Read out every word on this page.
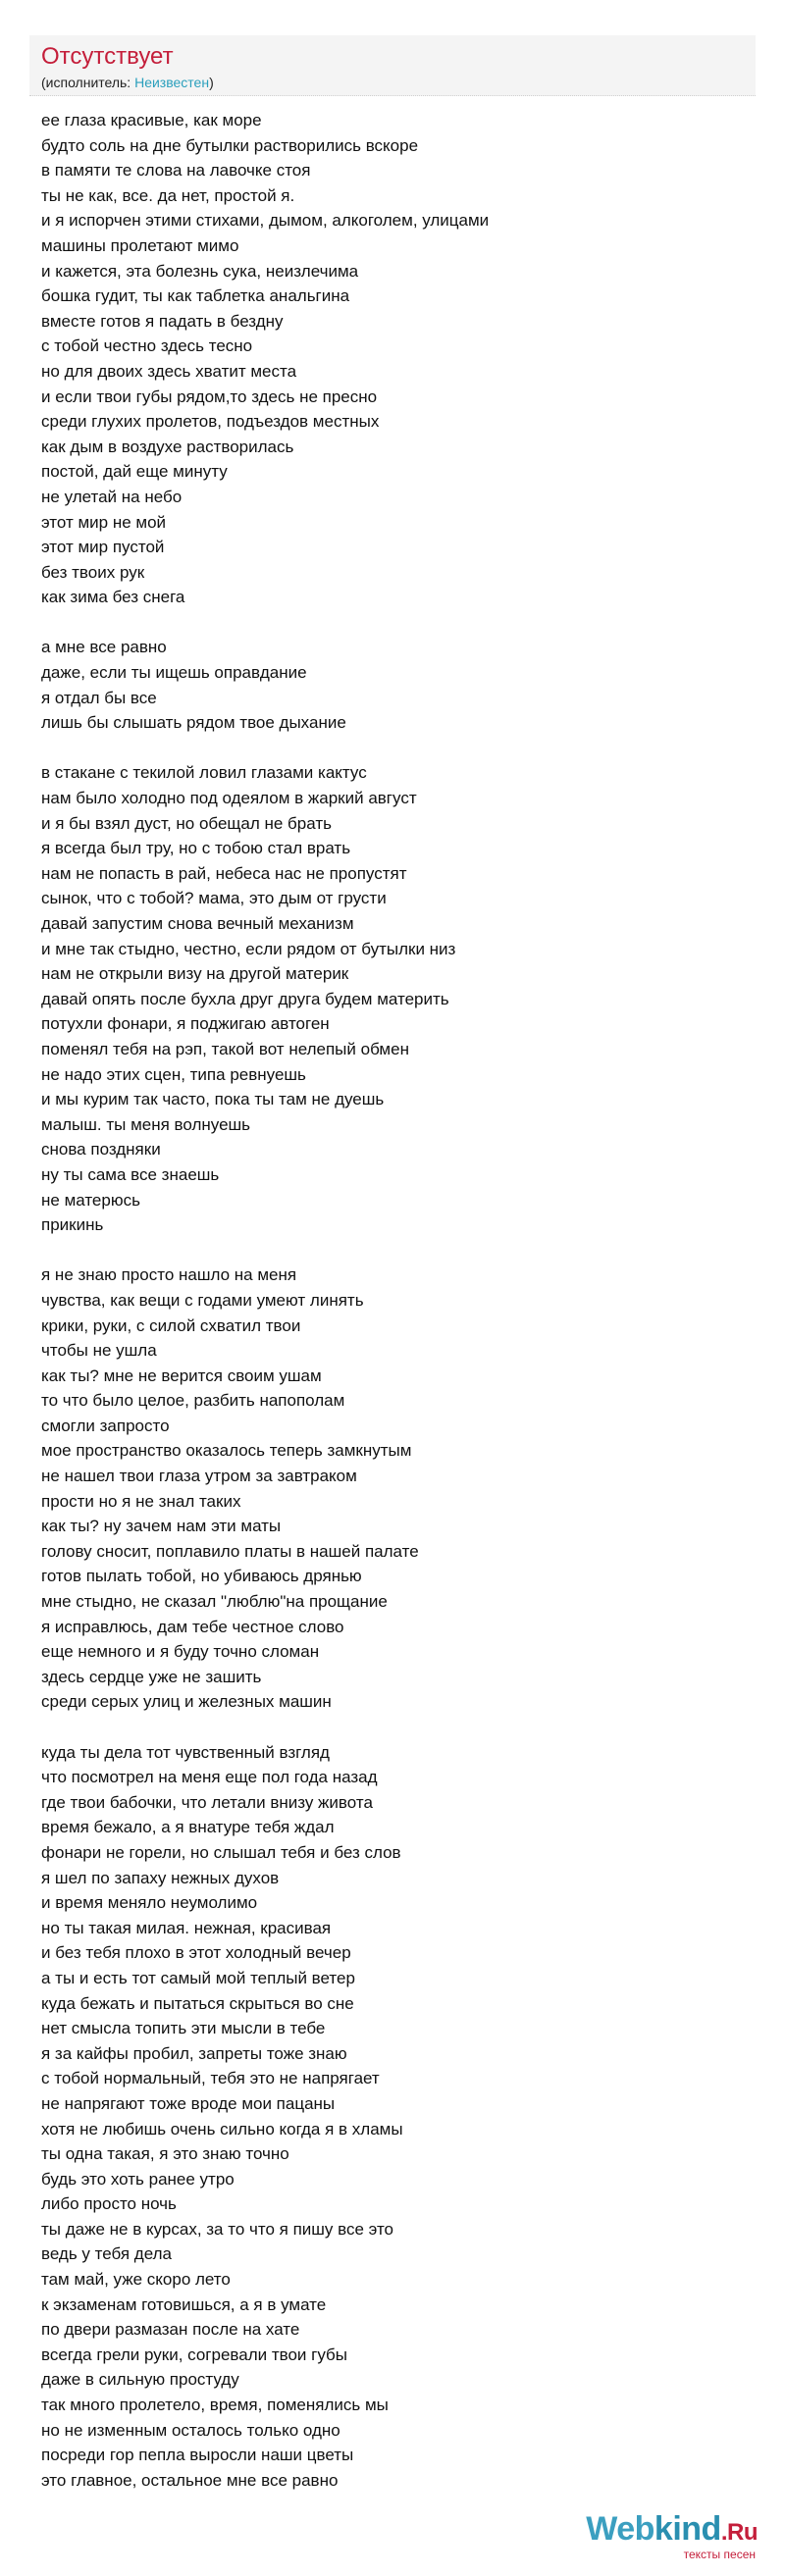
Отсутствует
(исполнитель: Неизвестен)
ее глаза красивые, как море
будто соль на дне бутылки растворились вскоре
в памяти те слова на лавочке стоя
ты не как, все. да нет, простой я.
и я испорчен этими стихами, дымом, алкоголем, улицами
машины пролетают мимо
и кажется, эта болезнь сука, неизлечима
бошка гудит, ты как таблетка анальгина
вместе готов я падать в бездну
с тобой честно здесь тесно
но для двоих здесь хватит места
и если твои губы рядом,то здесь не пресно
среди глухих пролетов, подъездов местных
как дым в воздухе растворилась
постой, дай еще минуту
не улетай на небо
этот мир не мой
этот мир пустой
без твоих рук
как зима без снега
а мне все равно
даже, если ты ищешь оправдание
я отдал бы все
лишь бы слышать рядом твое дыхание
в стакане с текилой ловил глазами кактус
нам было холодно под одеялом в жаркий август
и я бы взял дуст, но обещал не брать
я всегда был тру, но с тобою стал врать
нам не попасть в рай, небеса нас не пропустят
сынок, что с тобой? мама, это дым от грусти
давай запустим снова вечный механизм
и мне так стыдно, честно, если рядом от бутылки низ
нам не открыли визу на другой материк
давай опять после бухла друг друга будем материть
потухли фонари, я поджигаю автоген
поменял тебя на рэп, такой вот нелепый обмен
не надо этих сцен, типа ревнуешь
и мы курим так часто, пока ты там не дуешь
малыш. ты меня волнуешь
снова поздняки
ну ты сама все знаешь
не матерюсь
прикинь
я не знаю просто нашло на меня
чувства, как вещи с годами умеют линять
крики, руки, с силой схватил твои
чтобы не ушла
как ты? мне не верится своим ушам
то что было целое, разбить напополам
смогли запросто
мое пространство оказалось теперь замкнутым
не нашел твои глаза утром за завтраком
прости но я не знал таких
как ты? ну зачем нам эти маты
голову сносит, поплавило платы в нашей палате
готов пылать тобой, но убиваюсь дрянью
мне стыдно, не сказал "люблю"на прощание
я исправлюсь, дам тебе честное слово
еще немного и я буду точно сломан
здесь сердце уже не зашить
среди серых улиц и железных машин
куда ты дела тот чувственный взгляд
что посмотрел на меня еще пол года назад
где твои бабочки, что летали внизу живота
время бежало, а я внатуре тебя ждал
фонари не горели, но слышал тебя и без слов
я шел по запаху нежных духов
и время меняло неумолимо
но ты такая милая. нежная, красивая
и без тебя плохо в этот холодный вечер
а ты и есть тот самый мой теплый ветер
куда бежать и пытаться скрыться во сне
нет смысла топить эти мысли в тебе
я за кайфы пробил, запреты тоже знаю
с тобой нормальный, тебя это не напрягает
не напрягают тоже вроде мои пацаны
хотя не любишь очень сильно когда я в хламы
ты одна такая, я это знаю точно
будь это хоть ранее утро
либо просто ночь
ты даже не в курсах, за то что я пишу все это
ведь у тебя дела
там май, уже скоро лето
к экзаменам готовишься, а я в умате
по двери размазан после на хате
всегда грели руки, согревали твои губы
даже в сильную простуду
так много пролетело, время, поменялись мы
но не изменным осталось только одно
посреди гор пепла выросли наши цветы
это главное, остальное мне все равно
Webkind.Ru
тексты песен
